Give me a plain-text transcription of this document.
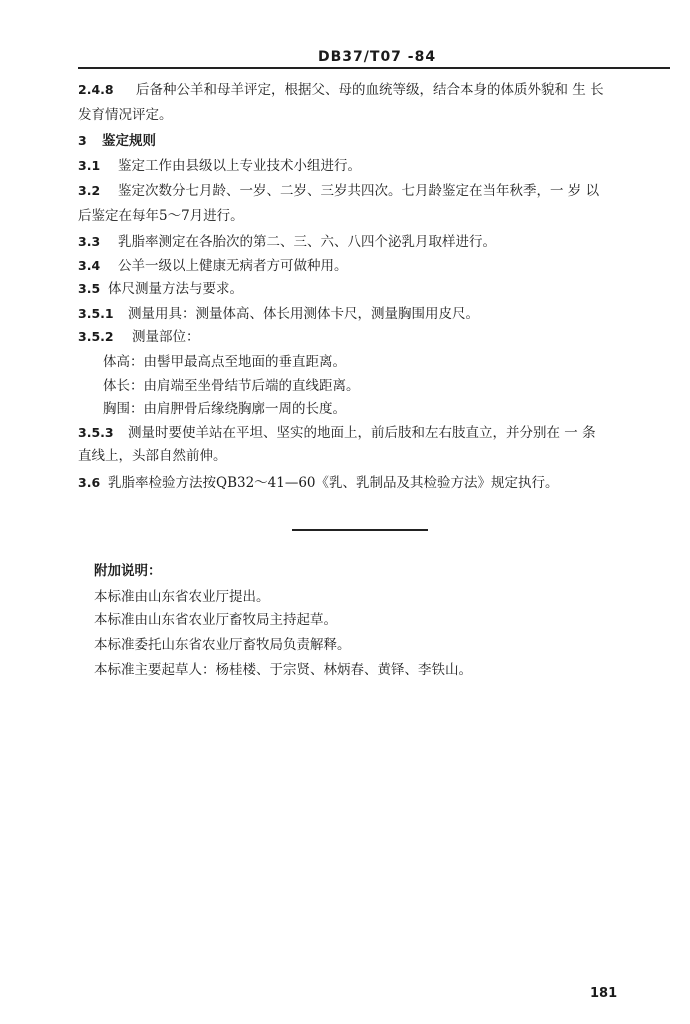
DB37/T07 -84
2.4.8 后备种公羊和母羊评定，根据父、母的血统等级，结合本身的体质外貌和 生 长
发育情况评定。
3 鉴定规则
3.1 鉴定工作由县级以上专业技术小组进行。
3.2 鉴定次数分七月龄、一岁、二岁、三岁共四次。七月龄鉴定在当年秋季，一 岁 以
后鉴定在每年5～7月进行。
3.3 乳脂率测定在各胎次的第二、三、六、八四个泌乳月取样进行。
3.4 公羊一级以上健康无病者方可做种用。
3.5 体尺测量方法与要求。
3.5.1 测量用具：测量体高、体长用测体卡尺，测量胸围用皮尺。
3.5.2 测量部位：
体高：由髻甲最高点至地面的垂直距离。
体长：由肩端至坐骨结节后端的直线距离。
胸围：由肩胛骨后缘绕胸廓一周的长度。
3.5.3 测量时要使羊站在平坦、坚实的地面上，前后肢和左右肢直立，并分别在 一 条
直线上，头部自然前伸。
3.6 乳脂率检验方法按QB32～41—60《乳、乳制品及其检验方法》规定执行。
附加说明：
本标准由山东省农业厅提出。
本标准由山东省农业厅畜牧局主持起草。
本标准委托山东省农业厅畜牧局负责解释。
本标准主要起草人：杨桂楼、于宗贤、林炳春、黄铎、李铁山。
181
